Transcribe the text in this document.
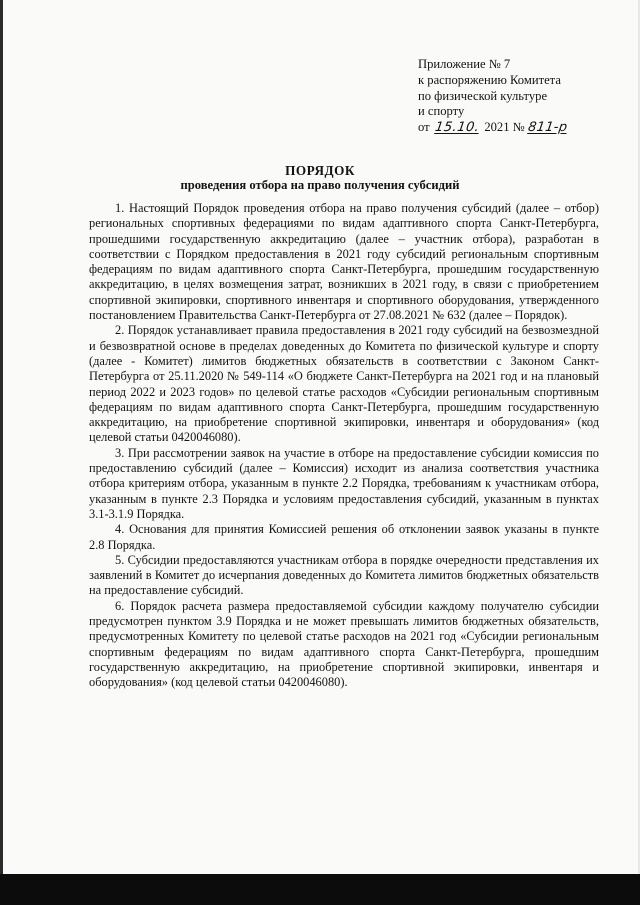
Приложение № 7
к распоряжению Комитета
по физической культуре
и спорту
от 15.10. 2021 № 811-р
ПОРЯДОК
проведения отбора на право получения субсидий

1. Настоящий Порядок проведения отбора на право получения субсидий (далее – отбор) региональных спортивных федерациями по видам адаптивного спорта Санкт-Петербурга, прошедшими государственную аккредитацию (далее – участник отбора), разработан в соответствии с Порядком предоставления в 2021 году субсидий региональным спортивным федерациям по видам адаптивного спорта Санкт-Петербурга, прошедшим государственную аккредитацию, в целях возмещения затрат, возникших в 2021 году, в связи с приобретением спортивной экипировки, спортивного инвентаря и спортивного оборудования, утвержденного постановлением Правительства Санкт-Петербурга от 27.08.2021 № 632 (далее – Порядок).

2. Порядок устанавливает правила предоставления в 2021 году субсидий на безвозмездной и безвозвратной основе в пределах доведенных до Комитета по физической культуре и спорту (далее - Комитет) лимитов бюджетных обязательств в соответствии с Законом Санкт-Петербурга от 25.11.2020 № 549-114 «О бюджете Санкт-Петербурга на 2021 год и на плановый период 2022 и 2023 годов» по целевой статье расходов «Субсидии региональным спортивным федерациям по видам адаптивного спорта Санкт-Петербурга, прошедшим государственную аккредитацию, на приобретение спортивной экипировки, инвентаря и оборудования» (код целевой статьи 0420046080).

3. При рассмотрении заявок на участие в отборе на предоставление субсидии комиссия по предоставлению субсидий (далее – Комиссия) исходит из анализа соответствия участника отбора критериям отбора, указанным в пункте 2.2 Порядка, требованиям к участникам отбора, указанным в пункте 2.3 Порядка и условиям предоставления субсидий, указанным в пунктах 3.1-3.1.9 Порядка.

4. Основания для принятия Комиссией решения об отклонении заявок указаны в пункте 2.8 Порядка.

5. Субсидии предоставляются участникам отбора в порядке очередности представления их заявлений в Комитет до исчерпания доведенных до Комитета лимитов бюджетных обязательств на предоставление субсидий.

6. Порядок расчета размера предоставляемой субсидии каждому получателю субсидии предусмотрен пунктом 3.9 Порядка и не может превышать лимитов бюджетных обязательств, предусмотренных Комитету по целевой статье расходов на 2021 год «Субсидии региональным спортивным федерациям по видам адаптивного спорта Санкт-Петербурга, прошедшим государственную аккредитацию, на приобретение спортивной экипировки, инвентаря и оборудования» (код целевой статьи 0420046080).
